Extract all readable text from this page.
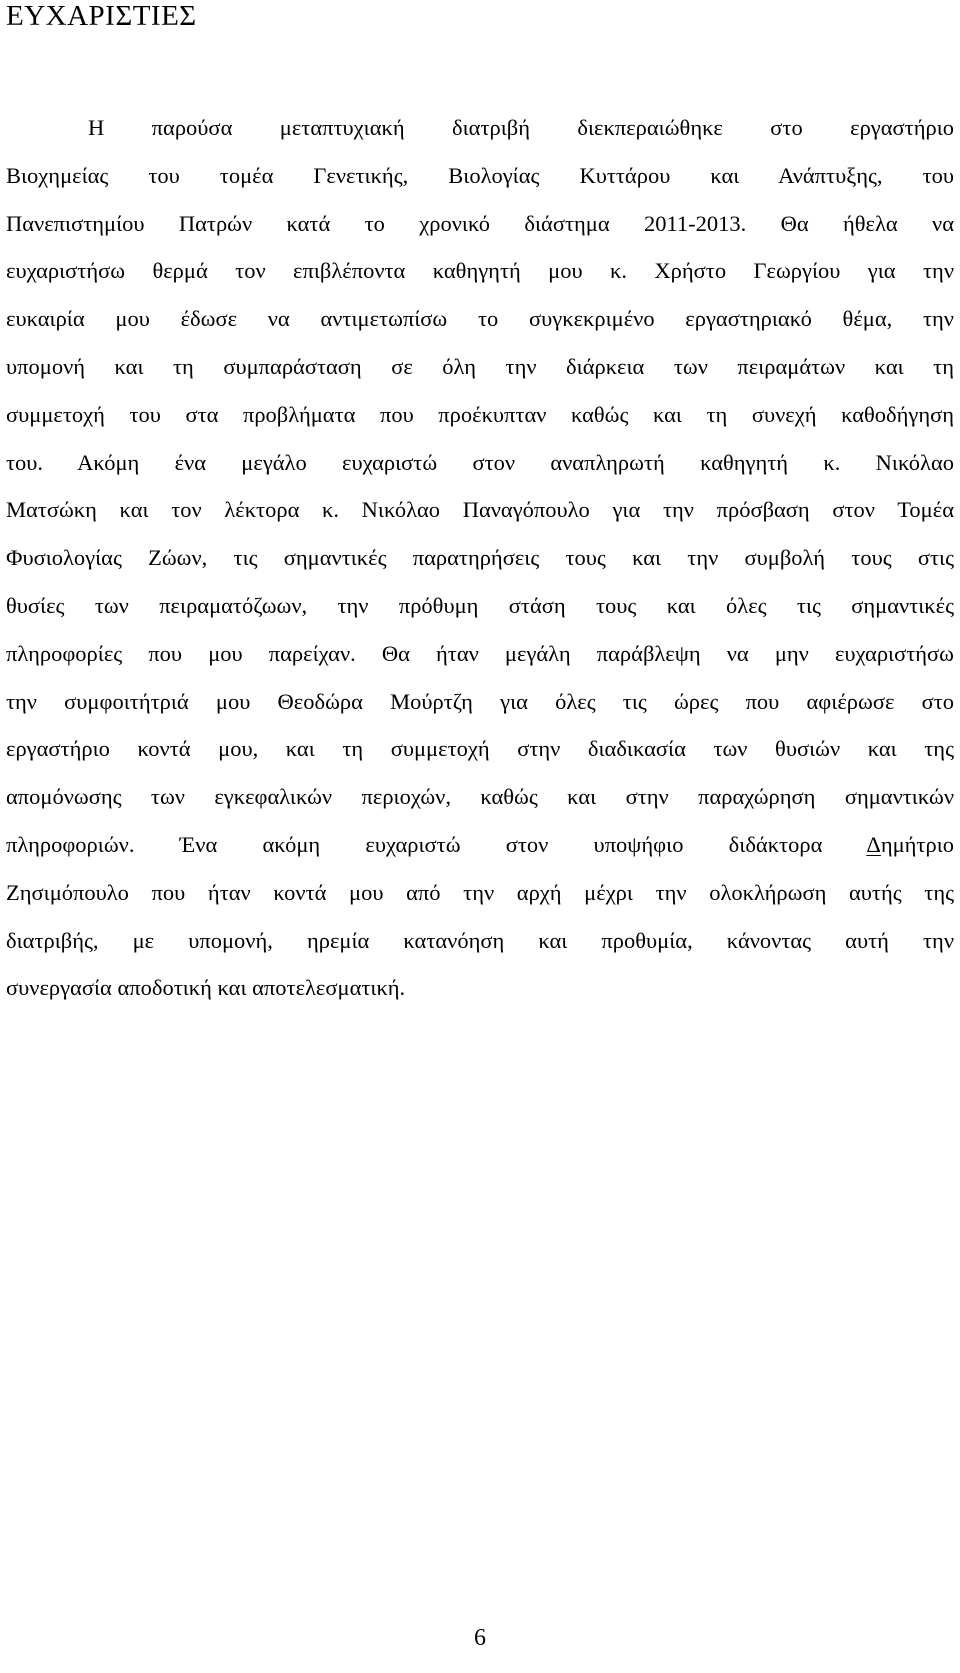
ΕΥΧΑΡΙΣΤΙΕΣ
Η παρούσα μεταπτυχιακή διατριβή διεκπεραιώθηκε στο εργαστήριο
Βιοχημείας του τομέα Γενετικής, Βιολογίας Κυττάρου και Ανάπτυξης, του
Πανεπιστημίου Πατρών κατά το χρονικό διάστημα 2011-2013. Θα ήθελα να
ευχαριστήσω θερμά τον επιβλέποντα καθηγητή μου κ. Χρήστο Γεωργίου για την
ευκαιρία μου έδωσε να αντιμετωπίσω το συγκεκριμένο εργαστηριακό θέμα, την
υπομονή και τη συμπαράσταση σε όλη την διάρκεια των πειραμάτων και τη
συμμετοχή του στα προβλήματα που προέκυπταν καθώς και τη συνεχή καθοδήγηση
του. Ακόμη ένα μεγάλο ευχαριστώ στον αναπληρωτή καθηγητή κ. Νικόλαο
Ματσώκη και τον λέκτορα κ. Νικόλαο Παναγόπουλο για την πρόσβαση στον Τομέα
Φυσιολογίας Ζώων, τις σημαντικές παρατηρήσεις τους και την συμβολή τους στις
θυσίες των πειραματόζωων, την πρόθυμη στάση τους και όλες τις σημαντικές
πληροφορίες που μου παρείχαν. Θα ήταν μεγάλη παράβλεψη να μην ευχαριστήσω
την συμφοιτήτριά μου Θεοδώρα Μούρτζη για όλες τις ώρες που αφιέρωσε στο
εργαστήριο κοντά μου, και τη συμμετοχή στην διαδικασία των θυσιών και της
απομόνωσης των εγκεφαλικών περιοχών, καθώς και στην παραχώρηση σημαντικών
πληροφοριών. Ένα ακόμη ευχαριστώ στον υποψήφιο διδάκτορα Δημήτριο
Ζησιμόπουλο που ήταν κοντά μου από την αρχή μέχρι την ολοκλήρωση αυτής της
διατριβής, με υπομονή, ηρεμία κατανόηση και προθυμία, κάνοντας αυτή την
συνεργασία αποδοτική και αποτελεσματική.

6
